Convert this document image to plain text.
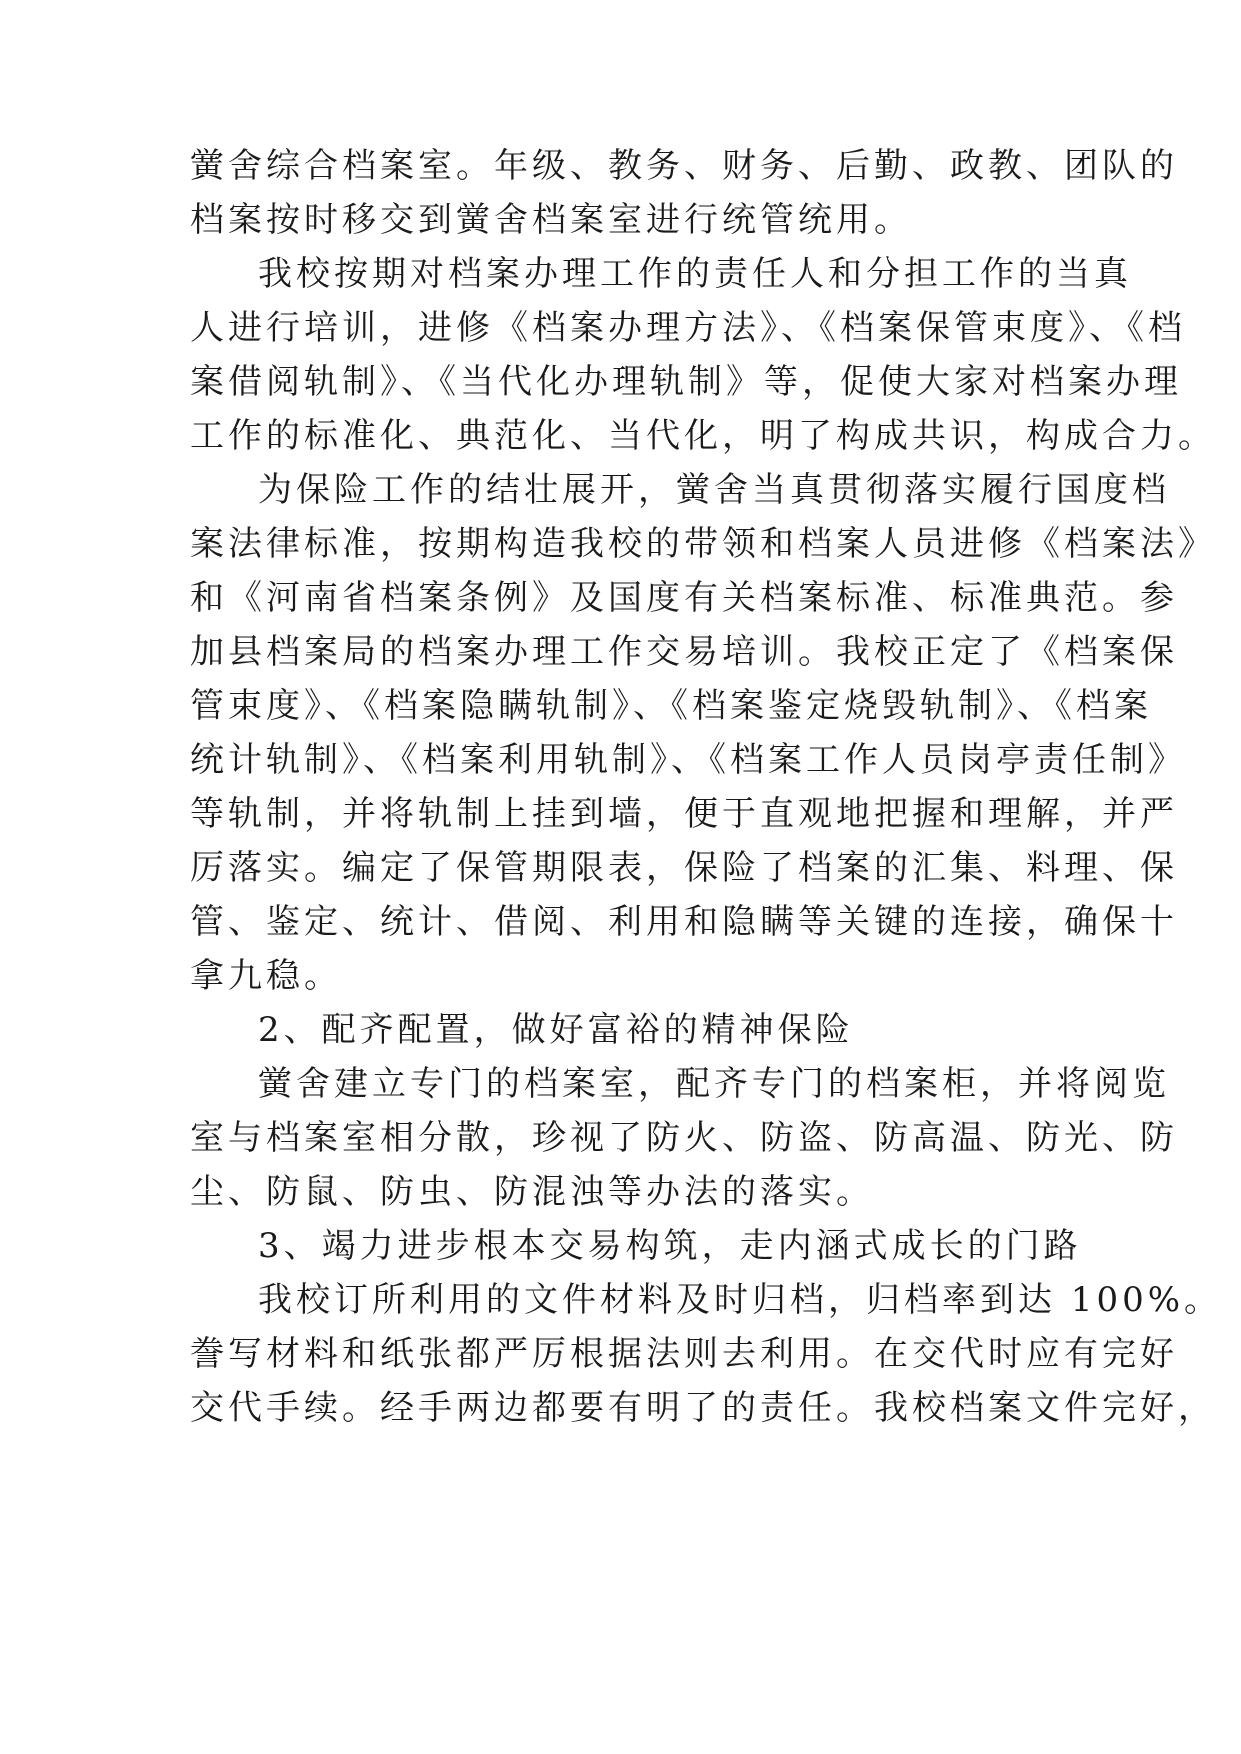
黉舍综合档案室。年级、教务、财务、后勤、政教、团队的
档案按时移交到黉舍档案室进行统管统用。
我校按期对档案办理工作的责任人和分担工作的当真
人进行培训，进修《档案办理方法》、《档案保管束度》、《档
案借阅轨制》、《当代化办理轨制》等，促使大家对档案办理
工作的标准化、典范化、当代化，明了构成共识，构成合力。
为保险工作的结壮展开，黉舍当真贯彻落实履行国度档
案法律标准，按期构造我校的带领和档案人员进修《档案法》
和《河南省档案条例》及国度有关档案标准、标准典范。参
加县档案局的档案办理工作交易培训。我校正定了《档案保
管束度》、《档案隐瞒轨制》、《档案鉴定烧毁轨制》、《档案
统计轨制》、《档案利用轨制》、《档案工作人员岗亭责任制》
等轨制，并将轨制上挂到墙，便于直观地把握和理解，并严
厉落实。编定了保管期限表，保险了档案的汇集、料理、保
管、鉴定、统计、借阅、利用和隐瞒等关键的连接，确保十
拿九稳。
2、配齐配置，做好富裕的精神保险
黉舍建立专门的档案室，配齐专门的档案柜，并将阅览
室与档案室相分散，珍视了防火、防盗、防高温、防光、防
尘、防鼠、防虫、防混浊等办法的落实。
3、竭力进步根本交易构筑，走内涵式成长的门路
我校订所利用的文件材料及时归档，归档率到达 100%。
誊写材料和纸张都严厉根据法则去利用。在交代时应有完好
交代手续。经手两边都要有明了的责任。我校档案文件完好，
